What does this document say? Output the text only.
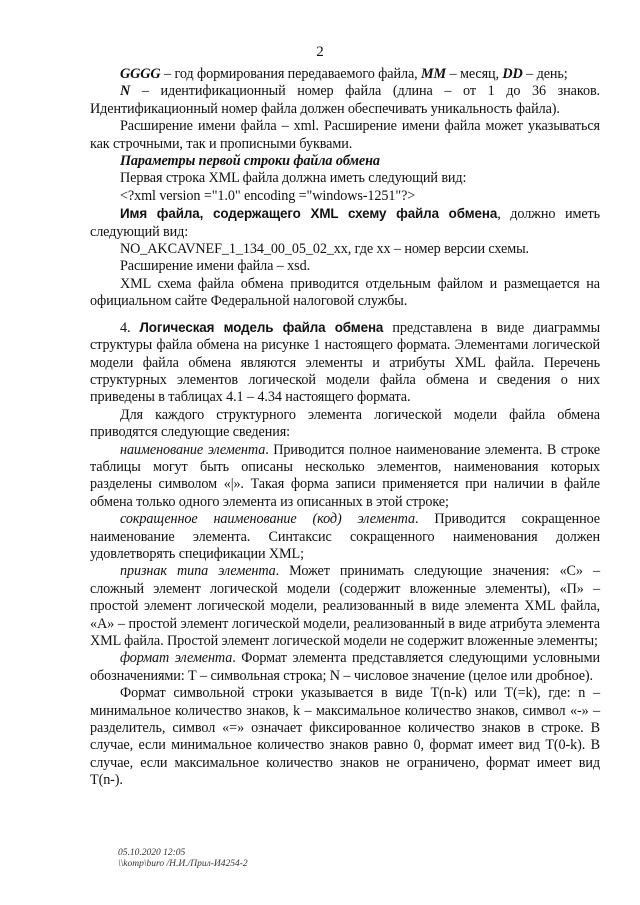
2

GGGG – год формирования передаваемого файла, MM – месяц, DD – день;

N – идентификационный номер файла (длина – от 1 до 36 знаков. Идентификационный номер файла должен обеспечивать уникальность файла).

Расширение имени файла – xml. Расширение имени файла может указываться как строчными, так и прописными буквами.

Параметры первой строки файла обмена

Первая строка XML файла должна иметь следующий вид:

<?xml version ="1.0" encoding ="windows-1251"?>

Имя файла, содержащего XML схему файла обмена, должно иметь следующий вид:

NO_AKCAVNEF_1_134_00_05_02_xx, где хх – номер версии схемы.

Расширение имени файла – xsd.

XML схема файла обмена приводится отдельным файлом и размещается на официальном сайте Федеральной налоговой службы.

4. Логическая модель файла обмена представлена в виде диаграммы структуры файла обмена на рисунке 1 настоящего формата. Элементами логической модели файла обмена являются элементы и атрибуты XML файла. Перечень структурных элементов логической модели файла обмена и сведения о них приведены в таблицах 4.1 – 4.34 настоящего формата.

Для каждого структурного элемента логической модели файла обмена приводятся следующие сведения:

наименование элемента. Приводится полное наименование элемента. В строке таблицы могут быть описаны несколько элементов, наименования которых разделены символом «|». Такая форма записи применяется при наличии в файле обмена только одного элемента из описанных в этой строке;

сокращенное наименование (код) элемента. Приводится сокращенное наименование элемента. Синтаксис сокращенного наименования должен удовлетворять спецификации XML;

признак типа элемента. Может принимать следующие значения: «С» – сложный элемент логической модели (содержит вложенные элементы), «П» – простой элемент логической модели, реализованный в виде элемента XML файла, «А» – простой элемент логической модели, реализованный в виде атрибута элемента XML файла. Простой элемент логической модели не содержит вложенные элементы;

формат элемента. Формат элемента представляется следующими условными обозначениями: Т – символьная строка; N – числовое значение (целое или дробное).

Формат символьной строки указывается в виде Т(n-k) или T(=k), где: n – минимальное количество знаков, k – максимальное количество знаков, символ «-» – разделитель, символ «=» означает фиксированное количество знаков в строке. В случае, если минимальное количество знаков равно 0, формат имеет вид Т(0-k). В случае, если максимальное количество знаков не ограничено, формат имеет вид Т(n-).

05.10.2020 12:05
\\komp\buro /Н.И./Прил-И4254-2
